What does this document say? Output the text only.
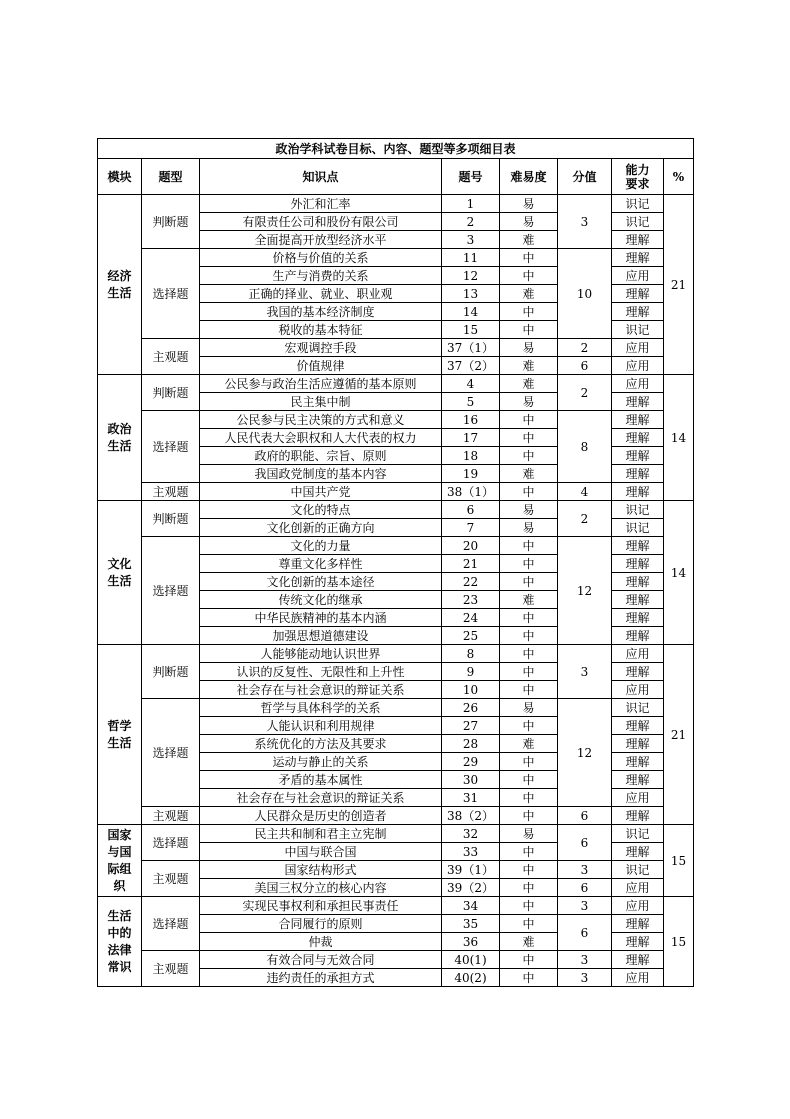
政治学科试卷目标、内容、题型等多项细目表							
模块	题型	知识点	题号	难易度	分值	能力要求	%
经济生活	判断题	外汇和汇率	1	易	3	识记	21
		有限责任公司和股份有限公司	2	易		识记	
		全面提高开放型经济水平	3	难		理解	
	选择题	价格与价值的关系	11	中	10	理解	
		生产与消费的关系	12	中		应用	
		正确的择业、就业、职业观	13	难		理解	
		我国的基本经济制度	14	中		理解	
		税收的基本特征	15	中		识记	
	主观题	宏观调控手段	37（1）	易	2	应用	
		价值规律	37（2）	难	6	应用	
政治生活	判断题	公民参与政治生活应遵循的基本原则	4	难	2	应用	14
		民主集中制	5	易		理解	
	选择题	公民参与民主决策的方式和意义	16	中	8	理解	
		人民代表大会职权和人大代表的权力	17	中		理解	
		政府的职能、宗旨、原则	18	中		理解	
		我国政党制度的基本内容	19	难		理解	
	主观题	中国共产党	38（1）	中	4	理解	
文化生活	判断题	文化的特点	6	易	2	识记	14
		文化创新的正确方向	7	易		识记	
	选择题	文化的力量	20	中	12	理解	
		尊重文化多样性	21	中		理解	
		文化创新的基本途径	22	中		理解	
		传统文化的继承	23	难		理解	
		中华民族精神的基本内涵	24	中		理解	
		加强思想道德建设	25	中		理解	
哲学生活	判断题	人能够能动地认识世界	8	中	3	应用	21
		认识的反复性、无限性和上升性	9	中		理解	
		社会存在与社会意识的辩证关系	10	中		应用	
	选择题	哲学与具体科学的关系	26	易	12	识记	
		人能认识和利用规律	27	中		理解	
		系统优化的方法及其要求	28	难		理解	
		运动与静止的关系	29	中		理解	
		矛盾的基本属性	30	中		理解	
		社会存在与社会意识的辩证关系	31	中		应用	
	主观题	人民群众是历史的创造者	38（2）	中	6	理解	
国家与国际组织	选择题	民主共和制和君主立宪制	32	易	6	识记	15
		中国与联合国	33	中		理解	
	主观题	国家结构形式	39（1）	中	3	识记	
		美国三权分立的核心内容	39（2）	中	6	应用	
生活中的法律常识	选择题	实现民事权利和承担民事责任	34	中	3	应用	15
		合同履行的原则	35	中	6	理解	
		仲裁	36	难		理解	
	主观题	有效合同与无效合同	40(1)	中	3	理解	
		违约责任的承担方式	40(2)	中	3	应用	
